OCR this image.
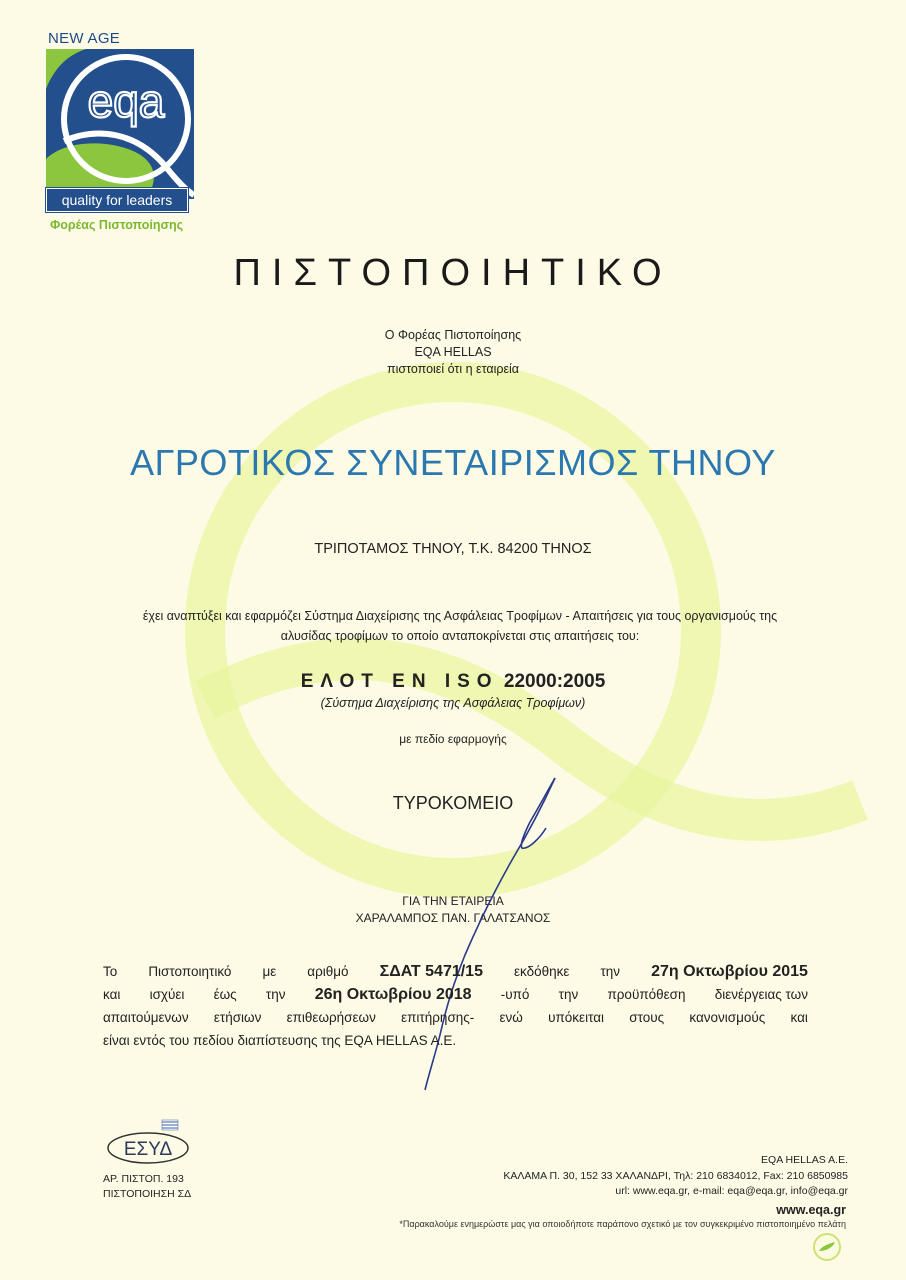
NEW AGE
eqa
quality for leaders
Φορέας Πιστοποίησης
ΠΙΣΤΟΠΟΙΗΤΙΚΟ
Ο Φορέας Πιστοποίησης
EQA HELLAS
πιστοποιεί ότι η εταιρεία
ΑΓΡΟΤΙΚΟΣ ΣΥΝΕΤΑΙΡΙΣΜΟΣ ΤΗΝΟΥ
ΤΡΙΠΟΤΑΜΟΣ ΤΗΝΟΥ, Τ.Κ. 84200 ΤΗΝΟΣ
έχει αναπτύξει και εφαρμόζει Σύστημα Διαχείρισης της Ασφάλειας Τροφίμων - Απαιτήσεις για τους οργανισμούς της
αλυσίδας τροφίμων το οποίο ανταποκρίνεται στις απαιτήσεις του:
ΕΛΟΤ ΕΝ ISO 22000:2005
(Σύστημα Διαχείρισης της Ασφάλειας Τροφίμων)
με πεδίο εφαρμογής
ΤΥΡΟΚΟΜΕΙΟ
ΓΙΑ ΤΗΝ ΕΤΑΙΡΕΙΑ
ΧΑΡΑΛΑΜΠΟΣ ΠΑΝ. ΓΑΛΑΤΣΑΝΟΣ
Το Πιστοποιητικό με αριθμό ΣΔΑΤ 5471/15 εκδόθηκε την 27η Οκτωβρίου 2015
και ισχύει έως την 26η Οκτωβρίου 2018 -υπό την προϋπόθεση διενέργειας των
απαιτούμενων ετήσιων επιθεωρήσεων επιτήρησης- ενώ υπόκειται στους κανονισμούς και
είναι εντός του πεδίου διαπίστευσης της EQA HELLAS A.E.
ΕΣΥΔ
ΑΡ. ΠΙΣΤΟΠ. 193
ΠΙΣΤΟΠΟΙΗΣΗ ΣΔ
EQA HELLAS A.E.
ΚΑΛΑΜΑ Π. 30, 152 33 ΧΑΛΑΝΔΡΙ, Τηλ: 210 6834012, Fax: 210 6850985
url: www.eqa.gr, e-mail: eqa@eqa.gr, info@eqa.gr
www.eqa.gr
*Παρακαλούμε ενημερώστε μας για οποιοδήποτε παράπονο σχετικό με τον συγκεκριμένο πιστοποιημένο πελάτη
